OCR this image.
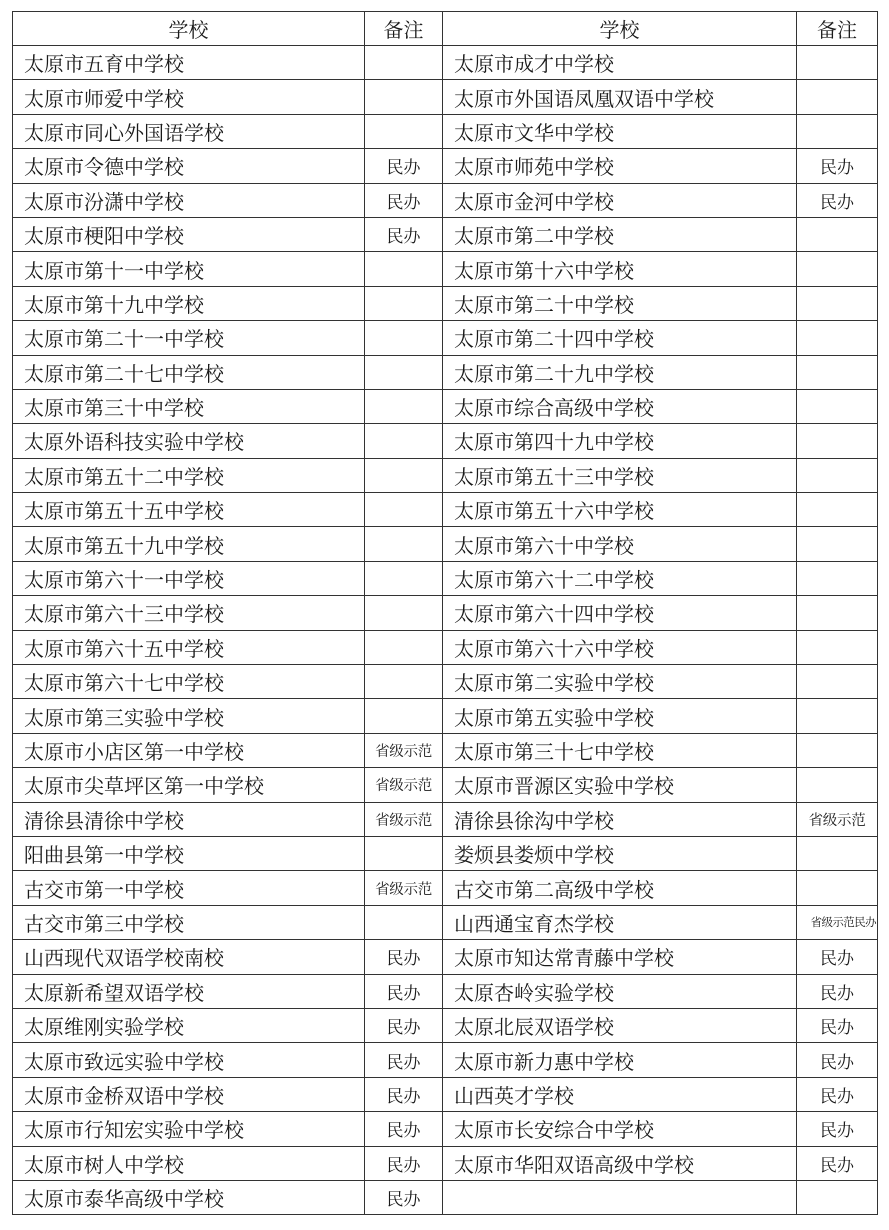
学校	备注	学校	备注
太原市五育中学校		太原市成才中学校	
太原市师爱中学校		太原市外国语凤凰双语中学校	
太原市同心外国语学校		太原市文华中学校	
太原市令德中学校	民办	太原市师苑中学校	民办
太原市汾潇中学校	民办	太原市金河中学校	民办
太原市梗阳中学校	民办	太原市第二中学校	
太原市第十一中学校		太原市第十六中学校	
太原市第十九中学校		太原市第二十中学校	
太原市第二十一中学校		太原市第二十四中学校	
太原市第二十七中学校		太原市第二十九中学校	
太原市第三十中学校		太原市综合高级中学校	
太原外语科技实验中学校		太原市第四十九中学校	
太原市第五十二中学校		太原市第五十三中学校	
太原市第五十五中学校		太原市第五十六中学校	
太原市第五十九中学校		太原市第六十中学校	
太原市第六十一中学校		太原市第六十二中学校	
太原市第六十三中学校		太原市第六十四中学校	
太原市第六十五中学校		太原市第六十六中学校	
太原市第六十七中学校		太原市第二实验中学校	
太原市第三实验中学校		太原市第五实验中学校	
太原市小店区第一中学校	省级示范	太原市第三十七中学校	
太原市尖草坪区第一中学校	省级示范	太原市晋源区实验中学校	
清徐县清徐中学校	省级示范	清徐县徐沟中学校	省级示范
阳曲县第一中学校		娄烦县娄烦中学校	
古交市第一中学校	省级示范	古交市第二高级中学校	
古交市第三中学校		山西通宝育杰学校	省级示范民办
山西现代双语学校南校	民办	太原市知达常青藤中学校	民办
太原新希望双语学校	民办	太原杏岭实验学校	民办
太原维刚实验学校	民办	太原北辰双语学校	民办
太原市致远实验中学校	民办	太原市新力惠中学校	民办
太原市金桥双语中学校	民办	山西英才学校	民办
太原市行知宏实验中学校	民办	太原市长安综合中学校	民办
太原市树人中学校	民办	太原市华阳双语高级中学校	民办
太原市泰华高级中学校	民办		
